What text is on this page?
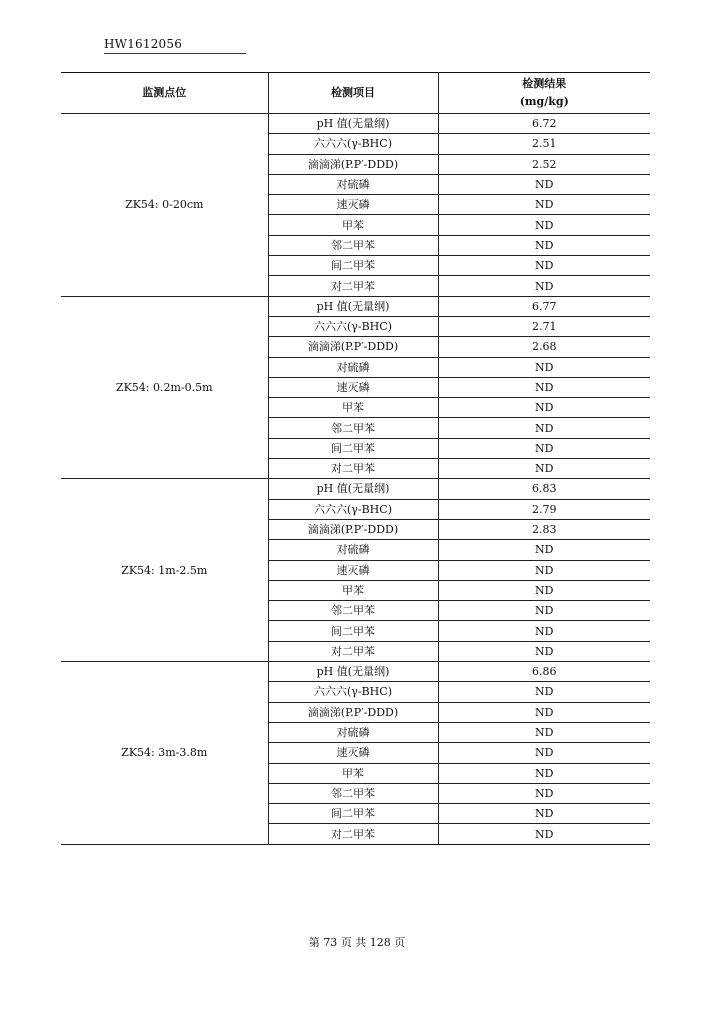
HW1612056
监测点位	检测项目	检测结果
(mg/kg)

ZK54: 0-20cm	pH 值(无量纲)	6.72
	六六六(γ-BHC)	2.51
	滴滴涕(P.P′-DDD)	2.52
	对硫磷	ND
	速灭磷	ND
	甲苯	ND
	邻二甲苯	ND
	间二甲苯	ND
	对二甲苯	ND
ZK54: 0.2m-0.5m	pH 值(无量纲)	6.77
	六六六(γ-BHC)	2.71
	滴滴涕(P.P′-DDD)	2.68
	对硫磷	ND
	速灭磷	ND
	甲苯	ND
	邻二甲苯	ND
	间二甲苯	ND
	对二甲苯	ND
ZK54: 1m-2.5m	pH 值(无量纲)	6.83
	六六六(γ-BHC)	2.79
	滴滴涕(P.P′-DDD)	2.83
	对硫磷	ND
	速灭磷	ND
	甲苯	ND
	邻二甲苯	ND
	间二甲苯	ND
	对二甲苯	ND
ZK54: 3m-3.8m	pH 值(无量纲)	6.86
	六六六(γ-BHC)	ND
	滴滴涕(P.P′-DDD)	ND
	对硫磷	ND
	速灭磷	ND
	甲苯	ND
	邻二甲苯	ND
	间二甲苯	ND
	对二甲苯	ND
第 73 页 共 128 页
